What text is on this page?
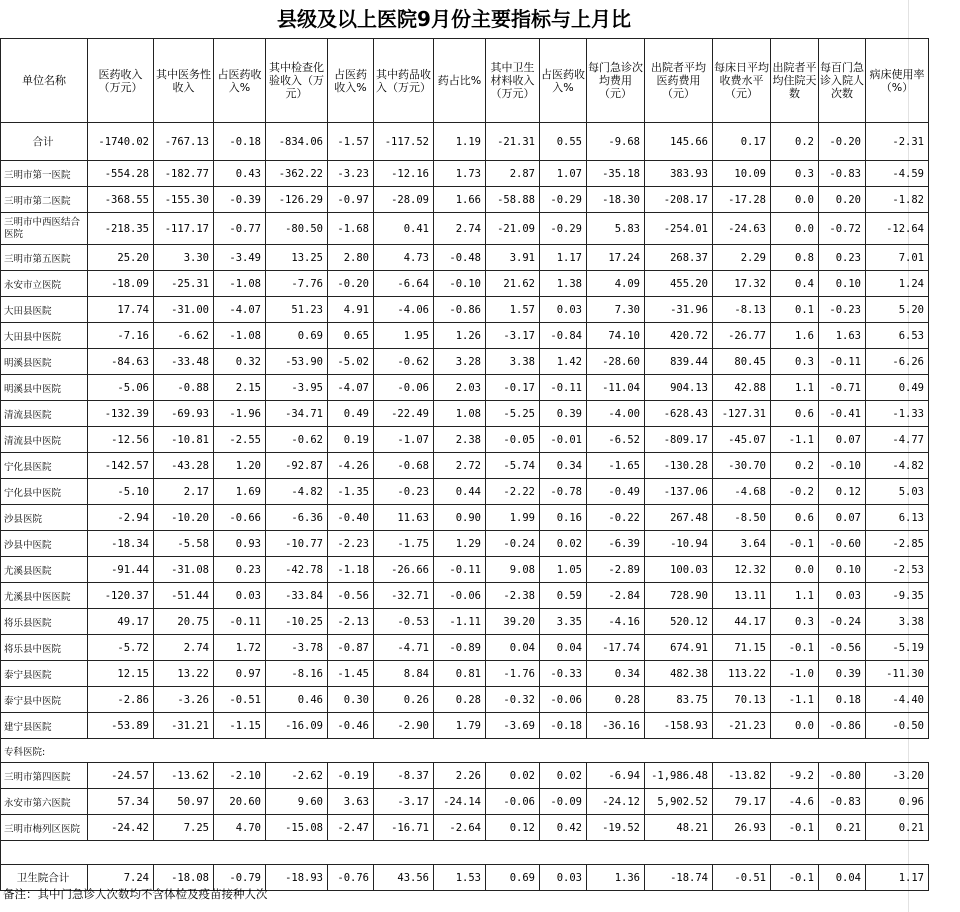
县级及以上医院9月份主要指标与上月比
单位名称	医药收入（万元）	其中医务性收入	占医药收入%	其中检查化验收入（万元）	占医药收入%	其中药品收入（万元）	药占比%	其中卫生材料收入（万元）	占医药收入%	每门急诊次均费用（元）	出院者平均医药费用（元）	每床日平均收费水平（元）	出院者平均住院天数	每百门急诊入院人次数	病床使用率（%）
合计	-1740.02	-767.13	-0.18	-834.06	-1.57	-117.52	1.19	-21.31	0.55	-9.68	145.66	0.17	0.2	-0.20	-2.31
三明市第一医院	-554.28	-182.77	0.43	-362.22	-3.23	-12.16	1.73	2.87	1.07	-35.18	383.93	10.09	0.3	-0.83	-4.59
三明市第二医院	-368.55	-155.30	-0.39	-126.29	-0.97	-28.09	1.66	-58.88	-0.29	-18.30	-208.17	-17.28	0.0	0.20	-1.82
三明市中西医结合医院	-218.35	-117.17	-0.77	-80.50	-1.68	0.41	2.74	-21.09	-0.29	5.83	-254.01	-24.63	0.0	-0.72	-12.64
三明市第五医院	25.20	3.30	-3.49	13.25	2.80	4.73	-0.48	3.91	1.17	17.24	268.37	2.29	0.8	0.23	7.01
永安市立医院	-18.09	-25.31	-1.08	-7.76	-0.20	-6.64	-0.10	21.62	1.38	4.09	455.20	17.32	0.4	0.10	1.24
大田县医院	17.74	-31.00	-4.07	51.23	4.91	-4.06	-0.86	1.57	0.03	7.30	-31.96	-8.13	0.1	-0.23	5.20
大田县中医院	-7.16	-6.62	-1.08	0.69	0.65	1.95	1.26	-3.17	-0.84	74.10	420.72	-26.77	1.6	1.63	6.53
明溪县医院	-84.63	-33.48	0.32	-53.90	-5.02	-0.62	3.28	3.38	1.42	-28.60	839.44	80.45	0.3	-0.11	-6.26
明溪县中医院	-5.06	-0.88	2.15	-3.95	-4.07	-0.06	2.03	-0.17	-0.11	-11.04	904.13	42.88	1.1	-0.71	0.49
清流县医院	-132.39	-69.93	-1.96	-34.71	0.49	-22.49	1.08	-5.25	0.39	-4.00	-628.43	-127.31	0.6	-0.41	-1.33
清流县中医院	-12.56	-10.81	-2.55	-0.62	0.19	-1.07	2.38	-0.05	-0.01	-6.52	-809.17	-45.07	-1.1	0.07	-4.77
宁化县医院	-142.57	-43.28	1.20	-92.87	-4.26	-0.68	2.72	-5.74	0.34	-1.65	-130.28	-30.70	0.2	-0.10	-4.82
宁化县中医院	-5.10	2.17	1.69	-4.82	-1.35	-0.23	0.44	-2.22	-0.78	-0.49	-137.06	-4.68	-0.2	0.12	5.03
沙县医院	-2.94	-10.20	-0.66	-6.36	-0.40	11.63	0.90	1.99	0.16	-0.22	267.48	-8.50	0.6	0.07	6.13
沙县中医院	-18.34	-5.58	0.93	-10.77	-2.23	-1.75	1.29	-0.24	0.02	-6.39	-10.94	3.64	-0.1	-0.60	-2.85
尤溪县医院	-91.44	-31.08	0.23	-42.78	-1.18	-26.66	-0.11	9.08	1.05	-2.89	100.03	12.32	0.0	0.10	-2.53
尤溪县中医医院	-120.37	-51.44	0.03	-33.84	-0.56	-32.71	-0.06	-2.38	0.59	-2.84	728.90	13.11	1.1	0.03	-9.35
将乐县医院	49.17	20.75	-0.11	-10.25	-2.13	-0.53	-1.11	39.20	3.35	-4.16	520.12	44.17	0.3	-0.24	3.38
将乐县中医院	-5.72	2.74	1.72	-3.78	-0.87	-4.71	-0.89	0.04	0.04	-17.74	674.91	71.15	-0.1	-0.56	-5.19
泰宁县医院	12.15	13.22	0.97	-8.16	-1.45	8.84	0.81	-1.76	-0.33	0.34	482.38	113.22	-1.0	0.39	-11.30
泰宁县中医院	-2.86	-3.26	-0.51	0.46	0.30	0.26	0.28	-0.32	-0.06	0.28	83.75	70.13	-1.1	0.18	-4.40
建宁县医院	-53.89	-31.21	-1.15	-16.09	-0.46	-2.90	1.79	-3.69	-0.18	-36.16	-158.93	-21.23	0.0	-0.86	-0.50
专科医院:															
三明市第四医院	-24.57	-13.62	-2.10	-2.62	-0.19	-8.37	2.26	0.02	0.02	-6.94	-1,986.48	-13.82	-9.2	-0.80	-3.20
永安市第六医院	57.34	50.97	20.60	9.60	3.63	-3.17	-24.14	-0.06	-0.09	-24.12	5,902.52	79.17	-4.6	-0.83	0.96
三明市梅列区医院	-24.42	7.25	4.70	-15.08	-2.47	-16.71	-2.64	0.12	0.42	-19.52	48.21	26.93	-0.1	0.21	0.21

卫生院合计	7.24	-18.08	-0.79	-18.93	-0.76	43.56	1.53	0.69	0.03	1.36	-18.74	-0.51	-0.1	0.04	1.17
备注：其中门急诊人次数均不含体检及疫苗接种人次
